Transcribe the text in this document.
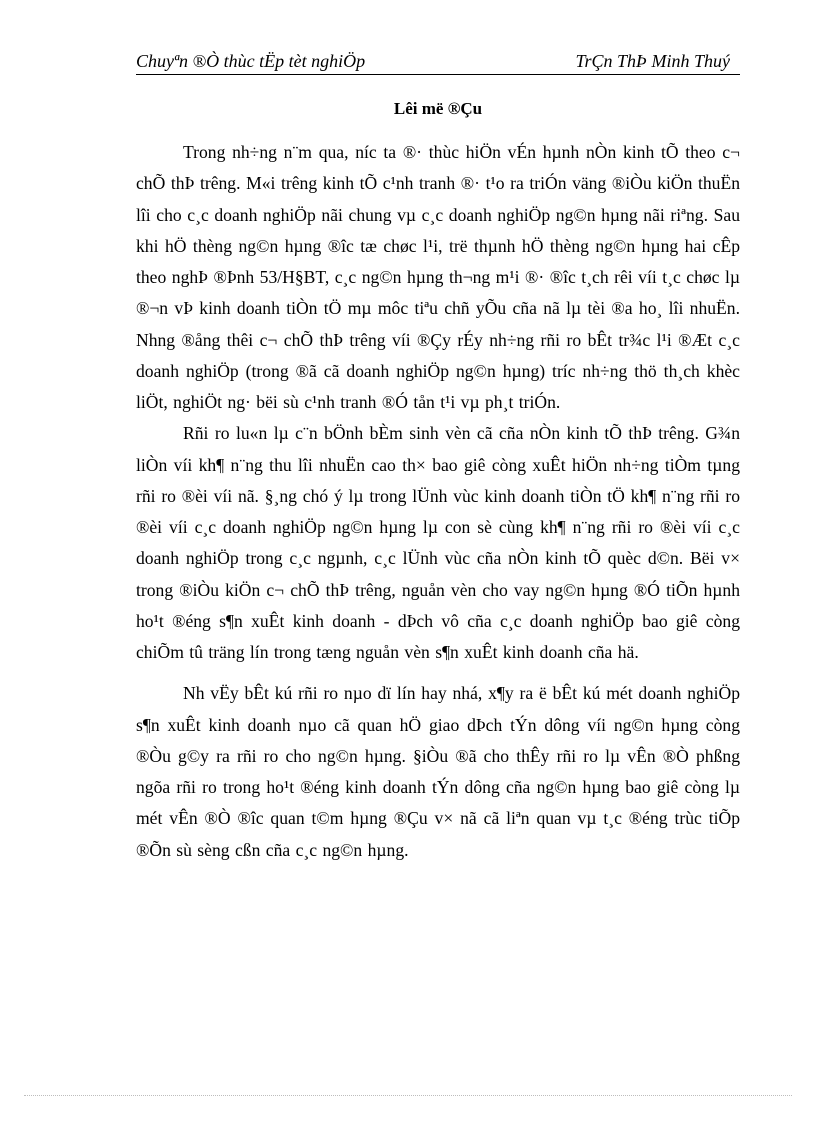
Chuyªn ®Ò thùc tËp tèt nghiÖp	TrÇn ThÞ Minh Thuý
Lêi më ®Çu

Trong nh÷ng n¨m qua, níc ta ®· thùc hiÖn vÉn hµnh nÒn kinh tÕ theo c¬ chÕ thÞ trêng. M«i trêng kinh tÕ c¹nh tranh ®· t¹o ra triÓn väng ®iÒu kiÖn thuËn lîi cho c¸c doanh nghiÖp nãi chung vµ c¸c doanh nghiÖp ng©n hµng nãi riªng. Sau khi hÖ thèng ng©n hµng ®îc tæ chøc l¹i, trë thµnh hÖ thèng ng©n hµng hai cÊp theo nghÞ ®Þnh 53/H§BT, c¸c ng©n hµng th¬ng m¹i ®· ®îc t¸ch rêi víi t¸c chøc lµ ®¬n vÞ kinh doanh tiÒn tÖ mµ môc tiªu chñ yÕu cña nã lµ tèi ®a ho¸ lîi nhuËn. Nhng ®ång thêi c¬ chÕ thÞ trêng víi ®Çy rÉy nh÷ng rñi ro bÊt tr¾c l¹i ®Æt c¸c doanh nghiÖp (trong ®ã cã doanh nghiÖp ng©n hµng) tríc nh÷ng thö th¸ch khèc liÖt, nghiÖt ng· bëi sù c¹nh tranh ®Ó tån t¹i vµ ph¸t triÓn.

Rñi ro lu«n lµ c¨n bÖnh bÈm sinh vèn cã cña nÒn kinh tÕ thÞ trêng. G¾n liÒn víi kh¶ n¨ng thu lîi nhuËn cao th× bao giê còng xuÊt hiÖn nh÷ng tiÒm tµng rñi ro ®èi víi nã. §¸ng chó ý lµ trong lÜnh vùc kinh doanh tiÒn tÖ kh¶ n¨ng rñi ro ®èi víi c¸c doanh nghiÖp ng©n hµng lµ con sè cùng kh¶ n¨ng rñi ro ®èi víi c¸c doanh nghiÖp trong c¸c ngµnh, c¸c lÜnh vùc cña nÒn kinh tÕ quèc d©n. Bëi v× trong ®iÒu kiÖn c¬ chÕ thÞ trêng, nguån vèn cho vay ng©n hµng ®Ó tiÕn hµnh ho¹t ®éng s¶n xuÊt kinh doanh - dÞch vô cña c¸c doanh nghiÖp bao giê còng chiÕm tû träng lín trong tæng nguån vèn s¶n xuÊt kinh doanh cña hä.

Nh vËy bÊt kú rñi ro nµo dï lín hay nhá, x¶y ra ë bÊt kú mét doanh nghiÖp s¶n xuÊt kinh doanh nµo cã quan hÖ giao dÞch tÝn dông víi ng©n hµng còng ®Òu g©y ra rñi ro cho ng©n hµng. §iÒu ®ã cho thÊy rñi ro lµ vÊn ®Ò phßng ngõa rñi ro trong ho¹t ®éng kinh doanh tÝn dông cña ng©n hµng bao giê còng lµ mét vÊn ®Ò ®îc quan t©m hµng ®Çu v× nã cã liªn quan vµ t¸c ®éng trùc tiÕp ®Õn sù sèng cßn cña c¸c ng©n hµng.
